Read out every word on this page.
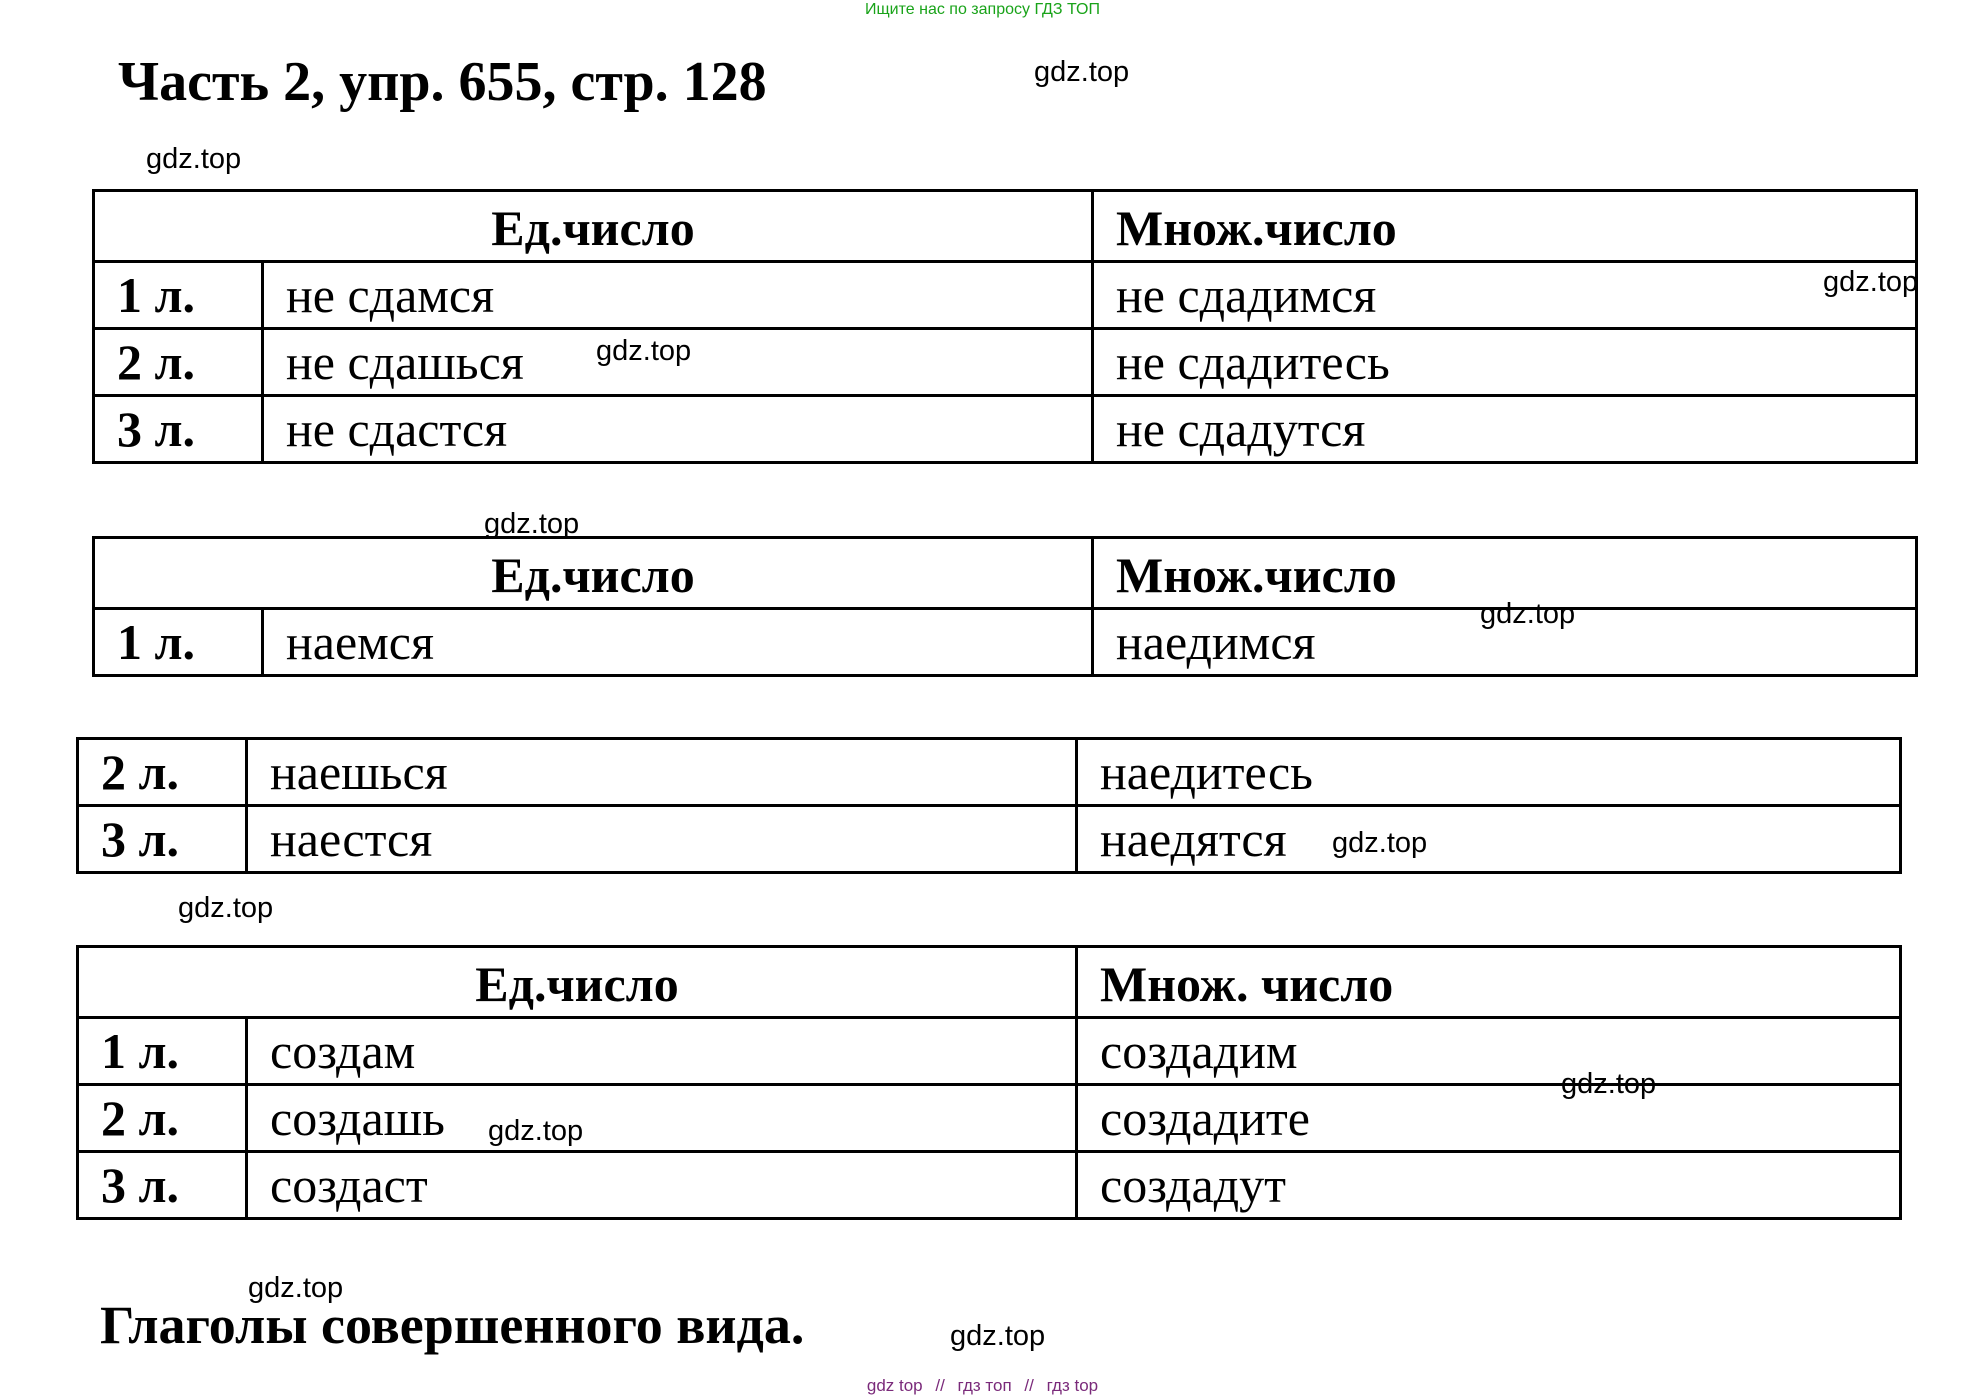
Ищите нас по запросу ГДЗ ТОП
Часть 2, упр. 655, стр. 128	gdz.top
gdz.top
gdz.top
gdz.top
gdz.top
gdz.top
gdz.top
gdz.top
gdz.top
gdz.top
gdz.top
gdz.top
Ед.число		Множ.число
1 л.	не сдамся	не сдадимся
2 л.	не сдашься	не сдадитесь
3 л.	не сдастся	не сдадутся
Ед.число		Множ.число
1 л.	наемся	наедимся
2 л.	наешься	наедитесь
3 л.	наестся	наедятся
Ед.число		Множ. число
1 л.	создам	создадим
2 л.	создашь	создадите
3 л.	создаст	создадут
Глаголы совершенного вида.
gdz top // гдз топ // гдз top
